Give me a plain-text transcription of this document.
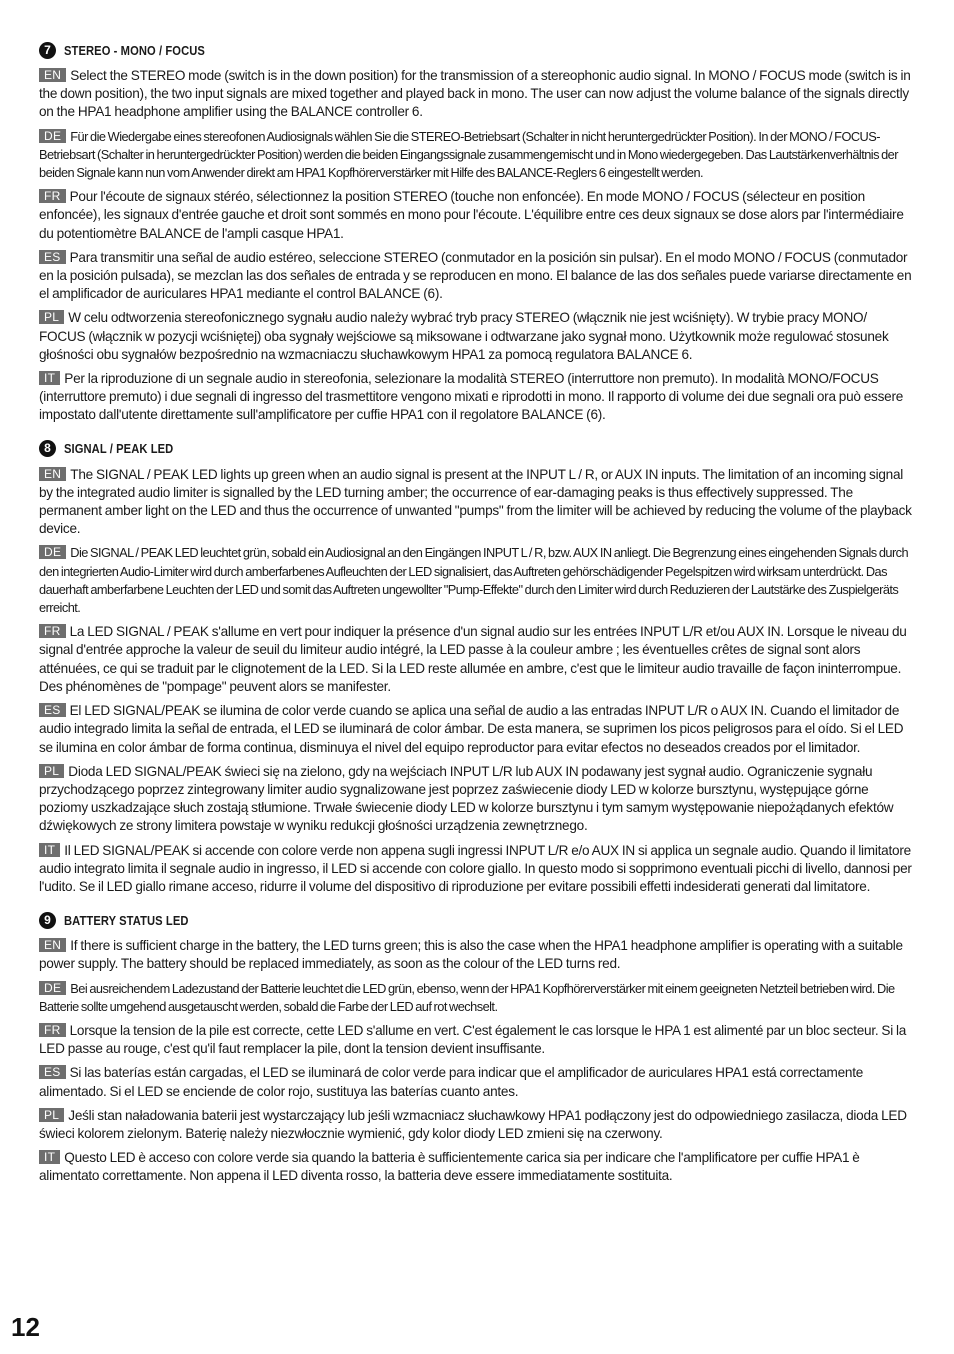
7	STEREO - MONO / FOCUS

EN Select the STEREO mode (switch is in the down position) for the transmission of a stereophonic audio signal. In MONO / FOCUS mode (switch is in the down position), the two input signals are mixed together and played back in mono. The user can now adjust the volume balance of the signals directly on the HPA1 headphone amplifier using the BALANCE controller 6.

DE Für die Wiedergabe eines stereofonen Audiosignals wählen Sie die STEREO-Betriebsart (Schalter in nicht heruntergedrückter Position). In der MONO / FOCUS-Betriebsart (Schalter in heruntergedrückter Position) werden die beiden Eingangssignale zusammengemischt und in Mono wiedergegeben. Das Lautstärkenverhältnis der beiden Signale kann nun vom Anwender direkt am HPA1 Kopfhörerverstärker mit Hilfe des BALANCE-Reglers 6 eingestellt werden.

FR Pour l'écoute de signaux stéréo, sélectionnez la position STEREO (touche non enfoncée). En mode MONO / FOCUS (sélecteur en position enfoncée), les signaux d'entrée gauche et droit sont sommés en mono pour l'écoute. L'équilibre entre ces deux signaux se dose alors par l'intermédiaire du potentiomètre BALANCE de l'ampli casque HPA1.

ES Para transmitir una señal de audio estéreo, seleccione STEREO (conmutador en la posición sin pulsar). En el modo MONO / FOCUS (conmutador en la posición pulsada), se mezclan las dos señales de entrada y se reproducen en mono. El balance de las dos señales puede variarse directamente en el amplificador de auriculares HPA1 mediante el control BALANCE (6).

PL W celu odtworzenia stereofonicznego sygnału audio należy wybrać tryb pracy STEREO (włącznik nie jest wciśnięty). W trybie pracy MONO/ FOCUS (włącznik w pozycji wciśniętej) oba sygnały wejściowe są miksowane i odtwarzane jako sygnał mono. Użytkownik może regulować stosunek głośności obu sygnałów bezpośrednio na wzmacniaczu słuchawkowym HPA1 za pomocą regulatora BALANCE 6.

IT Per la riproduzione di un segnale audio in stereofonia, selezionare la modalità STEREO (interruttore non premuto). In modalità MONO/FOCUS (interruttore premuto) i due segnali di ingresso del trasmettitore vengono mixati e riprodotti in mono. Il rapporto di volume dei due segnali ora può essere impostato dall'utente direttamente sull'amplificatore per cuffie HPA1 con il regolatore BALANCE (6).

8	SIGNAL / PEAK LED

EN The SIGNAL / PEAK LED lights up green when an audio signal is present at the INPUT L / R, or AUX IN inputs. The limitation of an incoming signal by the integrated audio limiter is signalled by the LED turning amber; the occurrence of ear-damaging peaks is thus effectively suppressed. The permanent amber light on the LED and thus the occurrence of unwanted "pumps" from the limiter will be achieved by reducing the volume of the playback device.

DE Die SIGNAL / PEAK LED leuchtet grün, sobald ein Audiosignal an den Eingängen INPUT L / R, bzw. AUX IN anliegt. Die Begrenzung eines eingehenden Signals durch den integrierten Audio-Limiter wird durch amberfarbenes Aufleuchten der LED signalisiert, das Auftreten gehörschädigender Pegelspitzen wird wirksam unterdrückt. Das dauerhaft amberfarbene Leuchten der LED und somit das Auftreten ungewollter "Pump-Effekte" durch den Limiter wird durch Reduzieren der Lautstärke des Zuspielgeräts erreicht.

FR La LED SIGNAL / PEAK s'allume en vert pour indiquer la présence d'un signal audio sur les entrées INPUT L/R et/ou AUX IN. Lorsque le niveau du signal d'entrée approche la valeur de seuil du limiteur audio intégré, la LED passe à la couleur ambre ; les éventuelles crêtes de signal sont alors atténuées, ce qui se traduit par le clignotement de la LED. Si la LED reste allumée en ambre, c'est que le limiteur audio travaille de façon ininterrompue. Des phénomènes de "pompage" peuvent alors se manifester.

ES El LED SIGNAL/PEAK se ilumina de color verde cuando se aplica una señal de audio a las entradas INPUT L/R o AUX IN. Cuando el limitador de audio integrado limita la señal de entrada, el LED se iluminará de color ámbar. De esta manera, se suprimen los picos peligrosos para el oído. Si el LED se ilumina en color ámbar de forma continua, disminuya el nivel del equipo reproductor para evitar efectos no deseados creados por el limitador.

PL Dioda LED SIGNAL/PEAK świeci się na zielono, gdy na wejściach INPUT L/R lub AUX IN podawany jest sygnał audio. Ograniczenie sygnału przychodzącego poprzez zintegrowany limiter audio sygnalizowane jest poprzez zaświecenie diody LED w kolorze bursztynu, występujące górne poziomy uszkadzające słuch zostają stłumione. Trwałe świecenie diody LED w kolorze bursztynu i tym samym występowanie niepożądanych efektów dźwiękowych ze strony limitera powstaje w wyniku redukcji głośności urządzenia zewnętrznego.

IT Il LED SIGNAL/PEAK si accende con colore verde non appena sugli ingressi INPUT L/R e/o AUX IN si applica un segnale audio. Quando il limitatore audio integrato limita il segnale audio in ingresso, il LED si accende con colore giallo. In questo modo si sopprimono eventuali picchi di livello, dannosi per l'udito. Se il LED giallo rimane acceso, ridurre il volume del dispositivo di riproduzione per evitare possibili effetti indesiderati generati dal limitatore.

9	BATTERY STATUS LED

EN If there is sufficient charge in the battery, the LED turns green; this is also the case when the HPA1 headphone amplifier is operating with a suitable power supply. The battery should be replaced immediately, as soon as the colour of the LED turns red.

DE Bei ausreichendem Ladezustand der Batterie leuchtet die LED grün, ebenso, wenn der HPA1 Kopfhörerverstärker mit einem geeigneten Netzteil betrieben wird. Die Batterie sollte umgehend ausgetauscht werden, sobald die Farbe der LED auf rot wechselt.

FR Lorsque la tension de la pile est correcte, cette LED s'allume en vert. C'est également le cas lorsque le HPA 1 est alimenté par un bloc secteur. Si la LED passe au rouge, c'est qu'il faut remplacer la pile, dont la tension devient insuffisante.

ES Si las baterías están cargadas, el LED se iluminará de color verde para indicar que el amplificador de auriculares HPA1 está correctamente alimentado. Si el LED se enciende de color rojo, sustituya las baterías cuanto antes.

PL Jeśli stan naładowania baterii jest wystarczający lub jeśli wzmacniacz słuchawkowy HPA1 podłączony jest do odpowiedniego zasilacza, dioda LED świeci kolorem zielonym. Baterię należy niezwłocznie wymienić, gdy kolor diody LED zmieni się na czerwony.

IT Questo LED è acceso con colore verde sia quando la batteria è sufficientemente carica sia per indicare che l'amplificatore per cuffie HPA1 è alimentato correttamente. Non appena il LED diventa rosso, la batteria deve essere immediatamente sostituita.

12
